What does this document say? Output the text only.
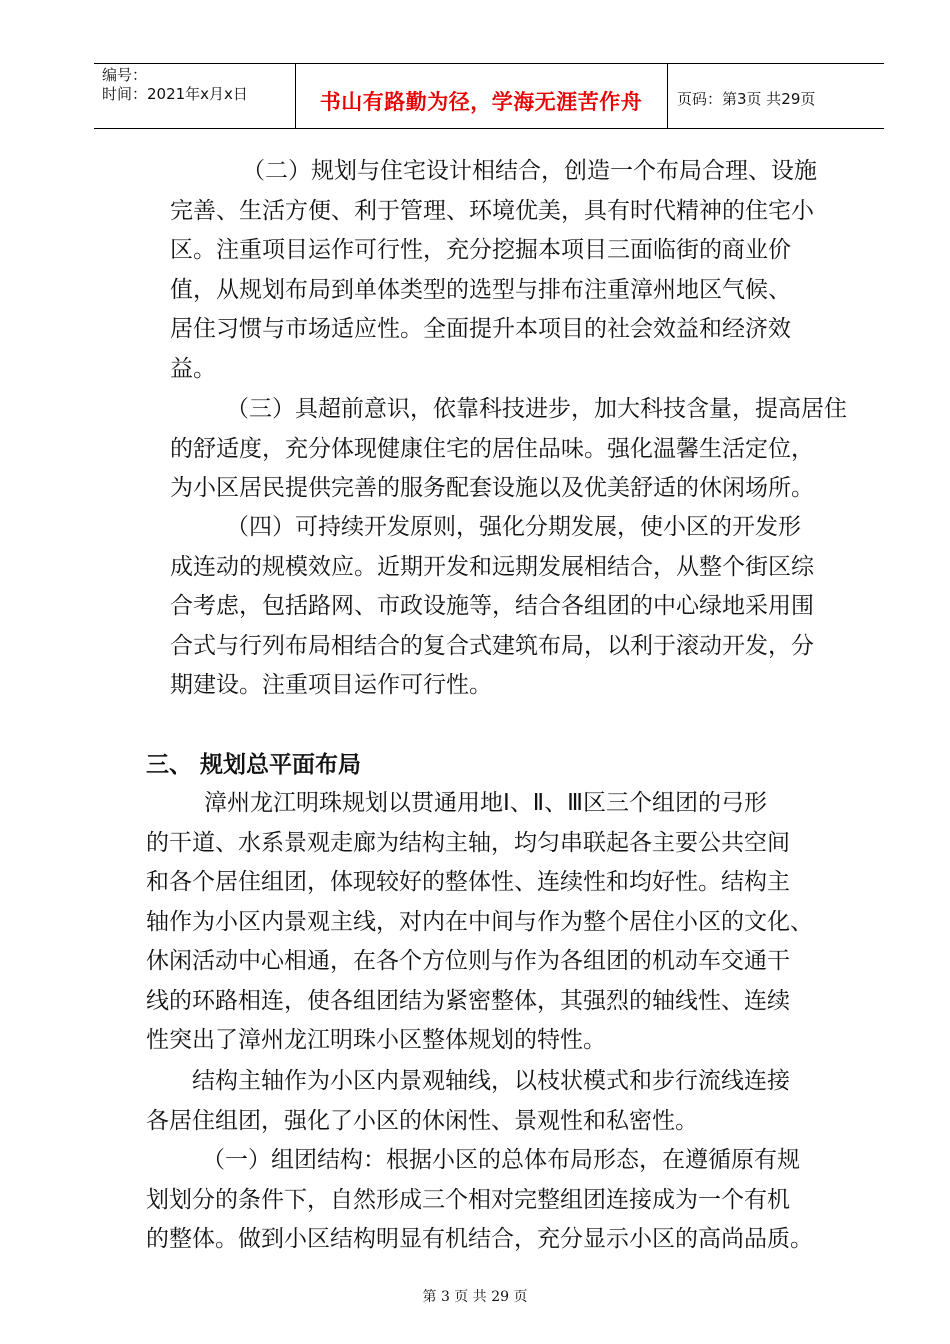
编号：
时间：2021年x月x日	书山有路勤为径，学海无涯苦作舟	页码：第3页 共29页
（二）规划与住宅设计相结合，创造一个布局合理、设施
完善、生活方便、利于管理、环境优美，具有时代精神的住宅小
区。注重项目运作可行性，充分挖掘本项目三面临街的商业价
值，从规划布局到单体类型的选型与排布注重漳州地区气候、
居住习惯与市场适应性。全面提升本项目的社会效益和经济效
益。
（三）具超前意识，依靠科技进步，加大科技含量，提高居住
的舒适度，充分体现健康住宅的居住品味。强化温馨生活定位，
为小区居民提供完善的服务配套设施以及优美舒适的休闲场所。
（四）可持续开发原则，强化分期发展，使小区的开发形
成连动的规模效应。近期开发和远期发展相结合，从整个街区综
合考虑，包括路网、市政设施等，结合各组团的中心绿地采用围
合式与行列布局相结合的复合式建筑布局，以利于滚动开发，分
期建设。注重项目运作可行性。
三、 规划总平面布局
漳州龙江明珠规划以贯通用地Ⅰ、Ⅱ、Ⅲ区三个组团的弓形
的干道、水系景观走廊为结构主轴，均匀串联起各主要公共空间
和各个居住组团，体现较好的整体性、连续性和均好性。结构主
轴作为小区内景观主线，对内在中间与作为整个居住小区的文化、
休闲活动中心相通，在各个方位则与作为各组团的机动车交通干
线的环路相连，使各组团结为紧密整体，其强烈的轴线性、连续
性突出了漳州龙江明珠小区整体规划的特性。
结构主轴作为小区内景观轴线，以枝状模式和步行流线连接
各居住组团，强化了小区的休闲性、景观性和私密性。
（一）组团结构：根据小区的总体布局形态，在遵循原有规
划划分的条件下，自然形成三个相对完整组团连接成为一个有机
的整体。做到小区结构明显有机结合，充分显示小区的高尚品质。
第 3 页 共 29 页
